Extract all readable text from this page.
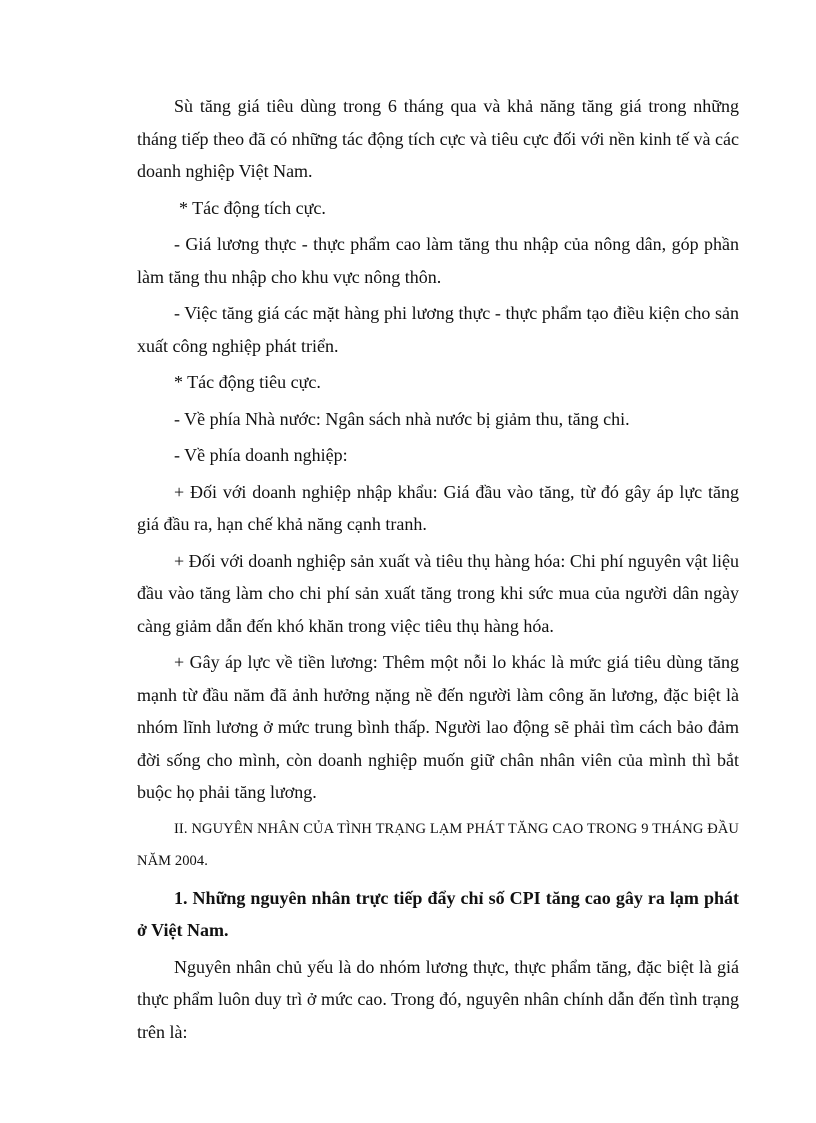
Sù tăng giá tiêu dùng trong 6 tháng qua và khả năng tăng giá trong những tháng tiếp theo đã có những tác động tích cực và tiêu cực đối với nền kinh tế và các doanh nghiệp Việt Nam.

* Tác động tích cực.

- Giá lương thực - thực phẩm cao làm tăng thu nhập của nông dân, góp phần làm tăng thu nhập cho khu vực nông thôn.

- Việc tăng giá các mặt hàng phi lương thực - thực phẩm tạo điều kiện cho sản xuất công nghiệp phát triển.

* Tác động tiêu cực.

- Về phía Nhà nước: Ngân sách nhà nước bị giảm thu, tăng chi.

- Về phía doanh nghiệp:

+ Đối với doanh nghiệp nhập khẩu: Giá đầu vào tăng, từ đó gây áp lực tăng giá đầu ra, hạn chế khả năng cạnh tranh.

+ Đối với doanh nghiệp sản xuất và tiêu thụ hàng hóa: Chi phí nguyên vật liệu đầu vào tăng làm cho chi phí sản xuất tăng trong khi sức mua của người dân ngày càng giảm dẫn đến khó khăn trong việc tiêu thụ hàng hóa.

+ Gây áp lực về tiền lương: Thêm một nỗi lo khác là mức giá tiêu dùng tăng mạnh từ đầu năm đã ảnh hưởng nặng nề đến người làm công ăn lương, đặc biệt là nhóm lĩnh lương ở mức trung bình thấp. Người lao động sẽ phải tìm cách bảo đảm đời sống cho mình, còn doanh nghiệp muốn giữ chân nhân viên của mình thì bắt buộc họ phải tăng lương.

II. NGUYÊN NHÂN CỦA TÌNH TRẠNG LẠM PHÁT TĂNG CAO TRONG 9 THÁNG ĐẦU NĂM 2004.

1. Những nguyên nhân trực tiếp đẩy chỉ số CPI tăng cao gây ra lạm phát ở Việt Nam.

Nguyên nhân chủ yếu là do nhóm lương thực, thực phẩm tăng, đặc biệt là giá thực phẩm luôn duy trì ở mức cao. Trong đó, nguyên nhân chính dẫn đến tình trạng trên là:
